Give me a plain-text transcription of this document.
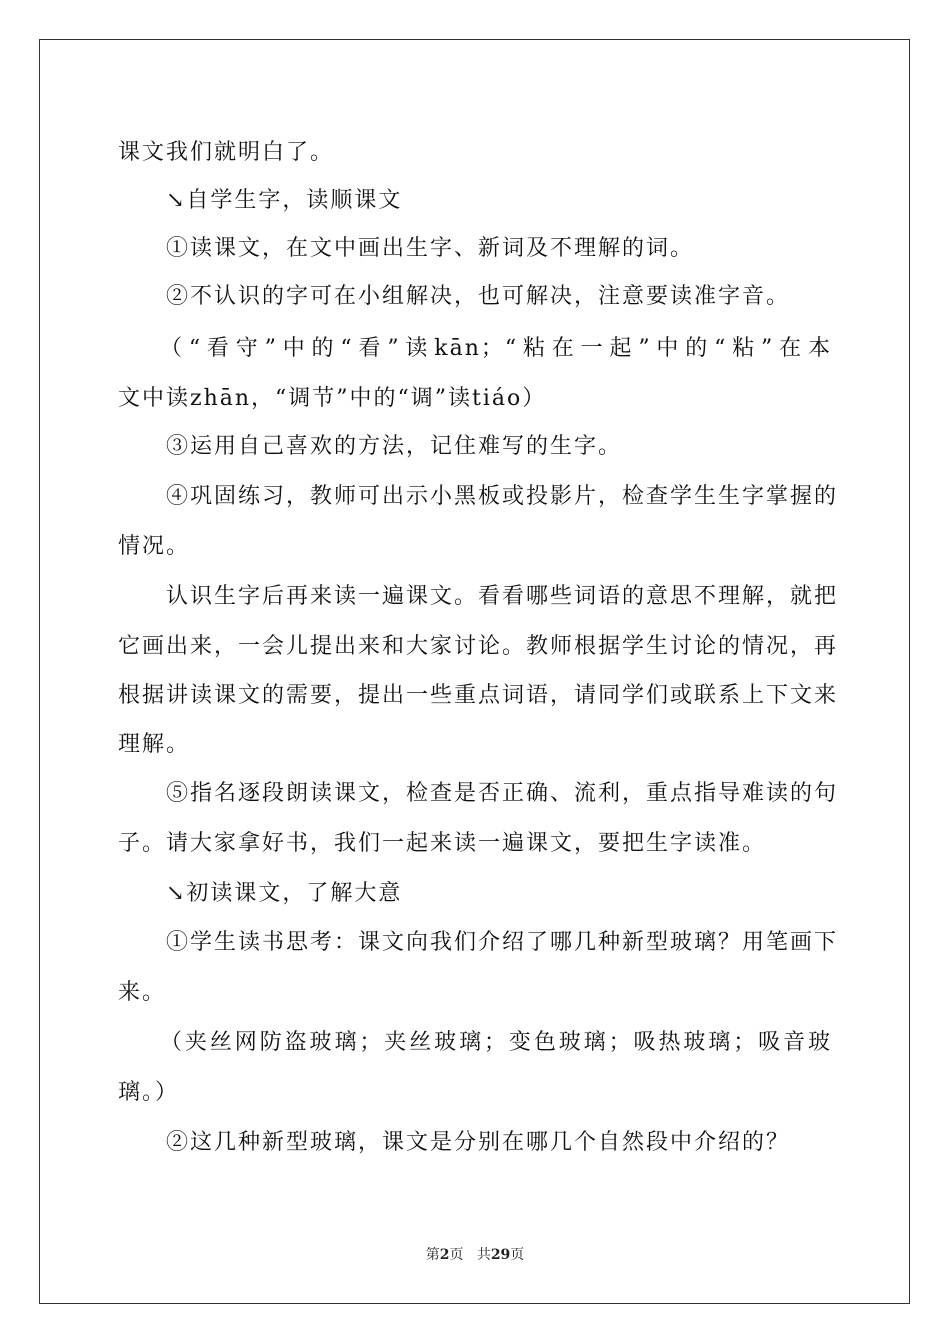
课文我们就明白了。
↘自学生字，读顺课文
①读课文，在文中画出生字、新词及不理解的词。
②不认识的字可在小组解决，也可解决，注意要读准字音。
（“看守”中的“看”读kān；“粘在一起”中的“粘”在本
文中读zhān，“调节”中的“调”读tiáo）
③运用自己喜欢的方法，记住难写的生字。
④巩固练习，教师可出示小黑板或投影片，检查学生生字掌握的
情况。
认识生字后再来读一遍课文。看看哪些词语的意思不理解，就把
它画出来，一会儿提出来和大家讨论。教师根据学生讨论的情况，再
根据讲读课文的需要，提出一些重点词语，请同学们或联系上下文来
理解。
⑤指名逐段朗读课文，检查是否正确、流利，重点指导难读的句
子。请大家拿好书，我们一起来读一遍课文，要把生字读准。
↘初读课文，了解大意
①学生读书思考：课文向我们介绍了哪几种新型玻璃？用笔画下
来。
（夹丝网防盗玻璃；夹丝玻璃；变色玻璃；吸热玻璃；吸音玻
璃。）
②这几种新型玻璃，课文是分别在哪几个自然段中介绍的？
第2页 共29页
